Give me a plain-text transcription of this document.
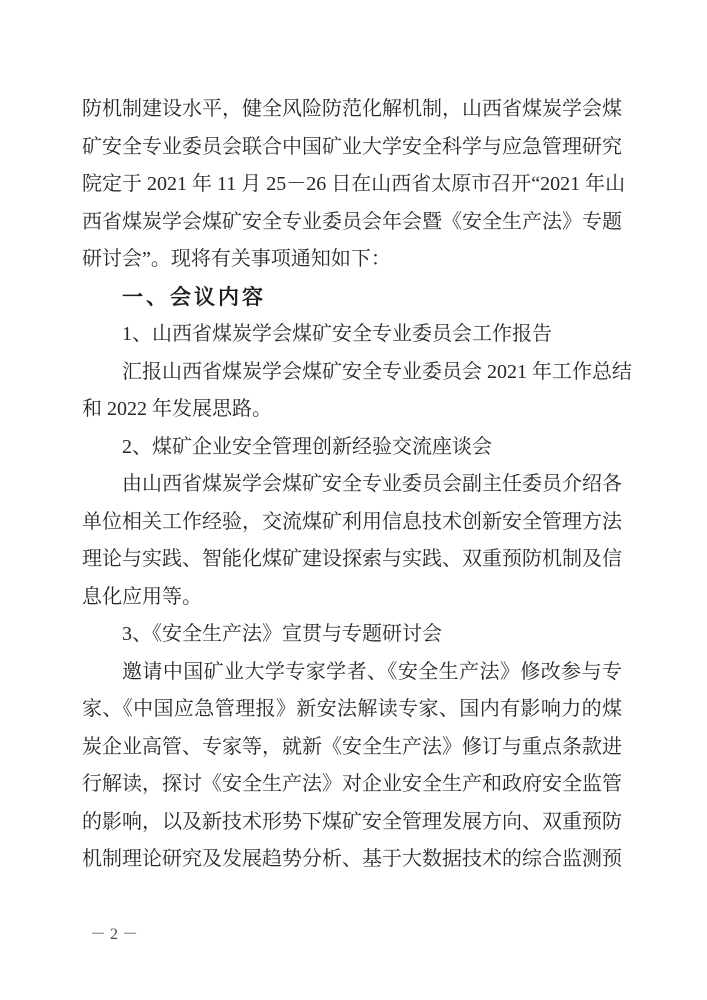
防机制建设水平，健全风险防范化解机制，山西省煤炭学会煤
矿安全专业委员会联合中国矿业大学安全科学与应急管理研究
院定于 2021 年 11 月 25－26 日在山西省太原市召开“2021 年山
西省煤炭学会煤矿安全专业委员会年会暨《安全生产法》专题
研讨会”。现将有关事项通知如下：
一、会议内容
1、山西省煤炭学会煤矿安全专业委员会工作报告
汇报山西省煤炭学会煤矿安全专业委员会 2021 年工作总结
和 2022 年发展思路。
2、煤矿企业安全管理创新经验交流座谈会
由山西省煤炭学会煤矿安全专业委员会副主任委员介绍各
单位相关工作经验，交流煤矿利用信息技术创新安全管理方法
理论与实践、智能化煤矿建设探索与实践、双重预防机制及信
息化应用等。
3、《安全生产法》宣贯与专题研讨会
邀请中国矿业大学专家学者、《安全生产法》修改参与专
家、《中国应急管理报》新安法解读专家、国内有影响力的煤
炭企业高管、专家等，就新《安全生产法》修订与重点条款进
行解读，探讨《安全生产法》对企业安全生产和政府安全监管
的影响，以及新技术形势下煤矿安全管理发展方向、双重预防
机制理论研究及发展趋势分析、基于大数据技术的综合监测预
－ 2 －
